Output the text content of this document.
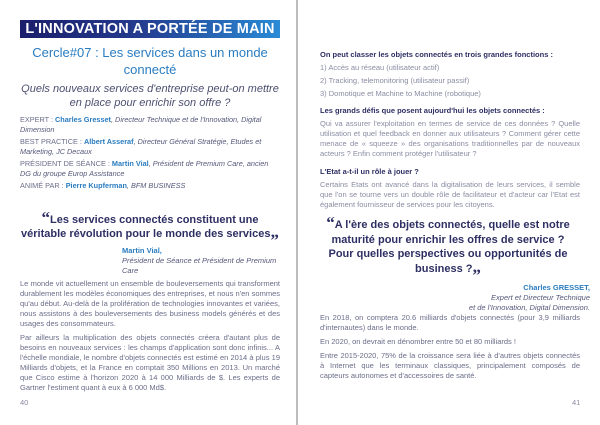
L'INNOVATION A PORTÉE DE MAIN
Cercle#07 : Les services dans un monde connecté
Quels nouveaux services d'entreprise peut-on mettre en place pour enrichir son offre ?
EXPERT : Charles Gresset, Directeur Technique et de l'Innovation, Digital Dimension
BEST PRACTICE : Albert Asseraf, Directeur Général Stratégie, Etudes et Marketing, JC Decaux
PRÉSIDENT DE SÉANCE : Martin Vial, Président de Premium Care, ancien DG du groupe Europ Assistance
ANIMÉ PAR : Pierre Kupferman, BFM BUSINESS
“Les services connectés constituent une véritable révolution pour le monde des services„
Martin Vial,
Président de Séance et Président de Premium Care

Le monde vit actuellement un ensemble de bouleversements qui transforment durablement les modèles économiques des entreprises, et nous n'en sommes qu'au début. Au-delà de la prolifération de technologies innovantes et variées, nous assistons à des bouleversements des business models générés et des usages des consommateurs.

Par ailleurs la multiplication des objets connectés créera d'autant plus de besoins en nouveaux services : les champs d'application sont donc infinis... A l'échelle mondiale, le nombre d'objets connectés est estimé en 2014 à plus 19 Milliards d'objets, et la France en comptait 350 Millions en 2013. Un marché que Cisco estime à l'horizon 2020 à 14 000 Milliards de $. Les experts de Gartner l'estiment quant à eux à 6 000 Md$.

40
On peut classer les objets connectés en trois grandes fonctions :
1) Accès au réseau (utilisateur actif)
2) Tracking, telemonitoring (utilisateur passif)
3) Domotique et Machine to Machine (robotique)
Les grands défis que posent aujourd'hui les objets connectés :
Qui va assurer l'exploitation en termes de service de ces données ? Quelle utilisation et quel feedback en donner aux utilisateurs ? Comment gérer cette menace de « squeeze » des organisations traditionnelles par de nouveaux acteurs ? Enfin comment protéger l'utilisateur ?
L'Etat a-t-il un rôle à jouer ?
Certains Etats ont avancé dans la digitalisation de leurs services, il semble que l'on se tourne vers un double rôle de facilitateur et d'acteur car l'Etat est également fournisseur de services pour les citoyens.
“A l'ère des objets connectés, quelle est notre maturité pour enrichir les offres de service ? Pour quelles perspectives ou opportunités de business ?„
Charles GRESSET,
Expert et Directeur Technique
et de l'Innovation, Digital Dimension.

En 2018, on comptera 20.6 milliards d'objets connectés (pour 3,9 milliards d'internautes) dans le monde.

En 2020, on devrait en dénombrer entre 50 et 80 milliards !

Entre 2015-2020, 75% de la croissance sera liée à d'autres objets connectés à Internet que les terminaux classiques, principalement composés de capteurs autonomes et d'accessoires de santé.

41
